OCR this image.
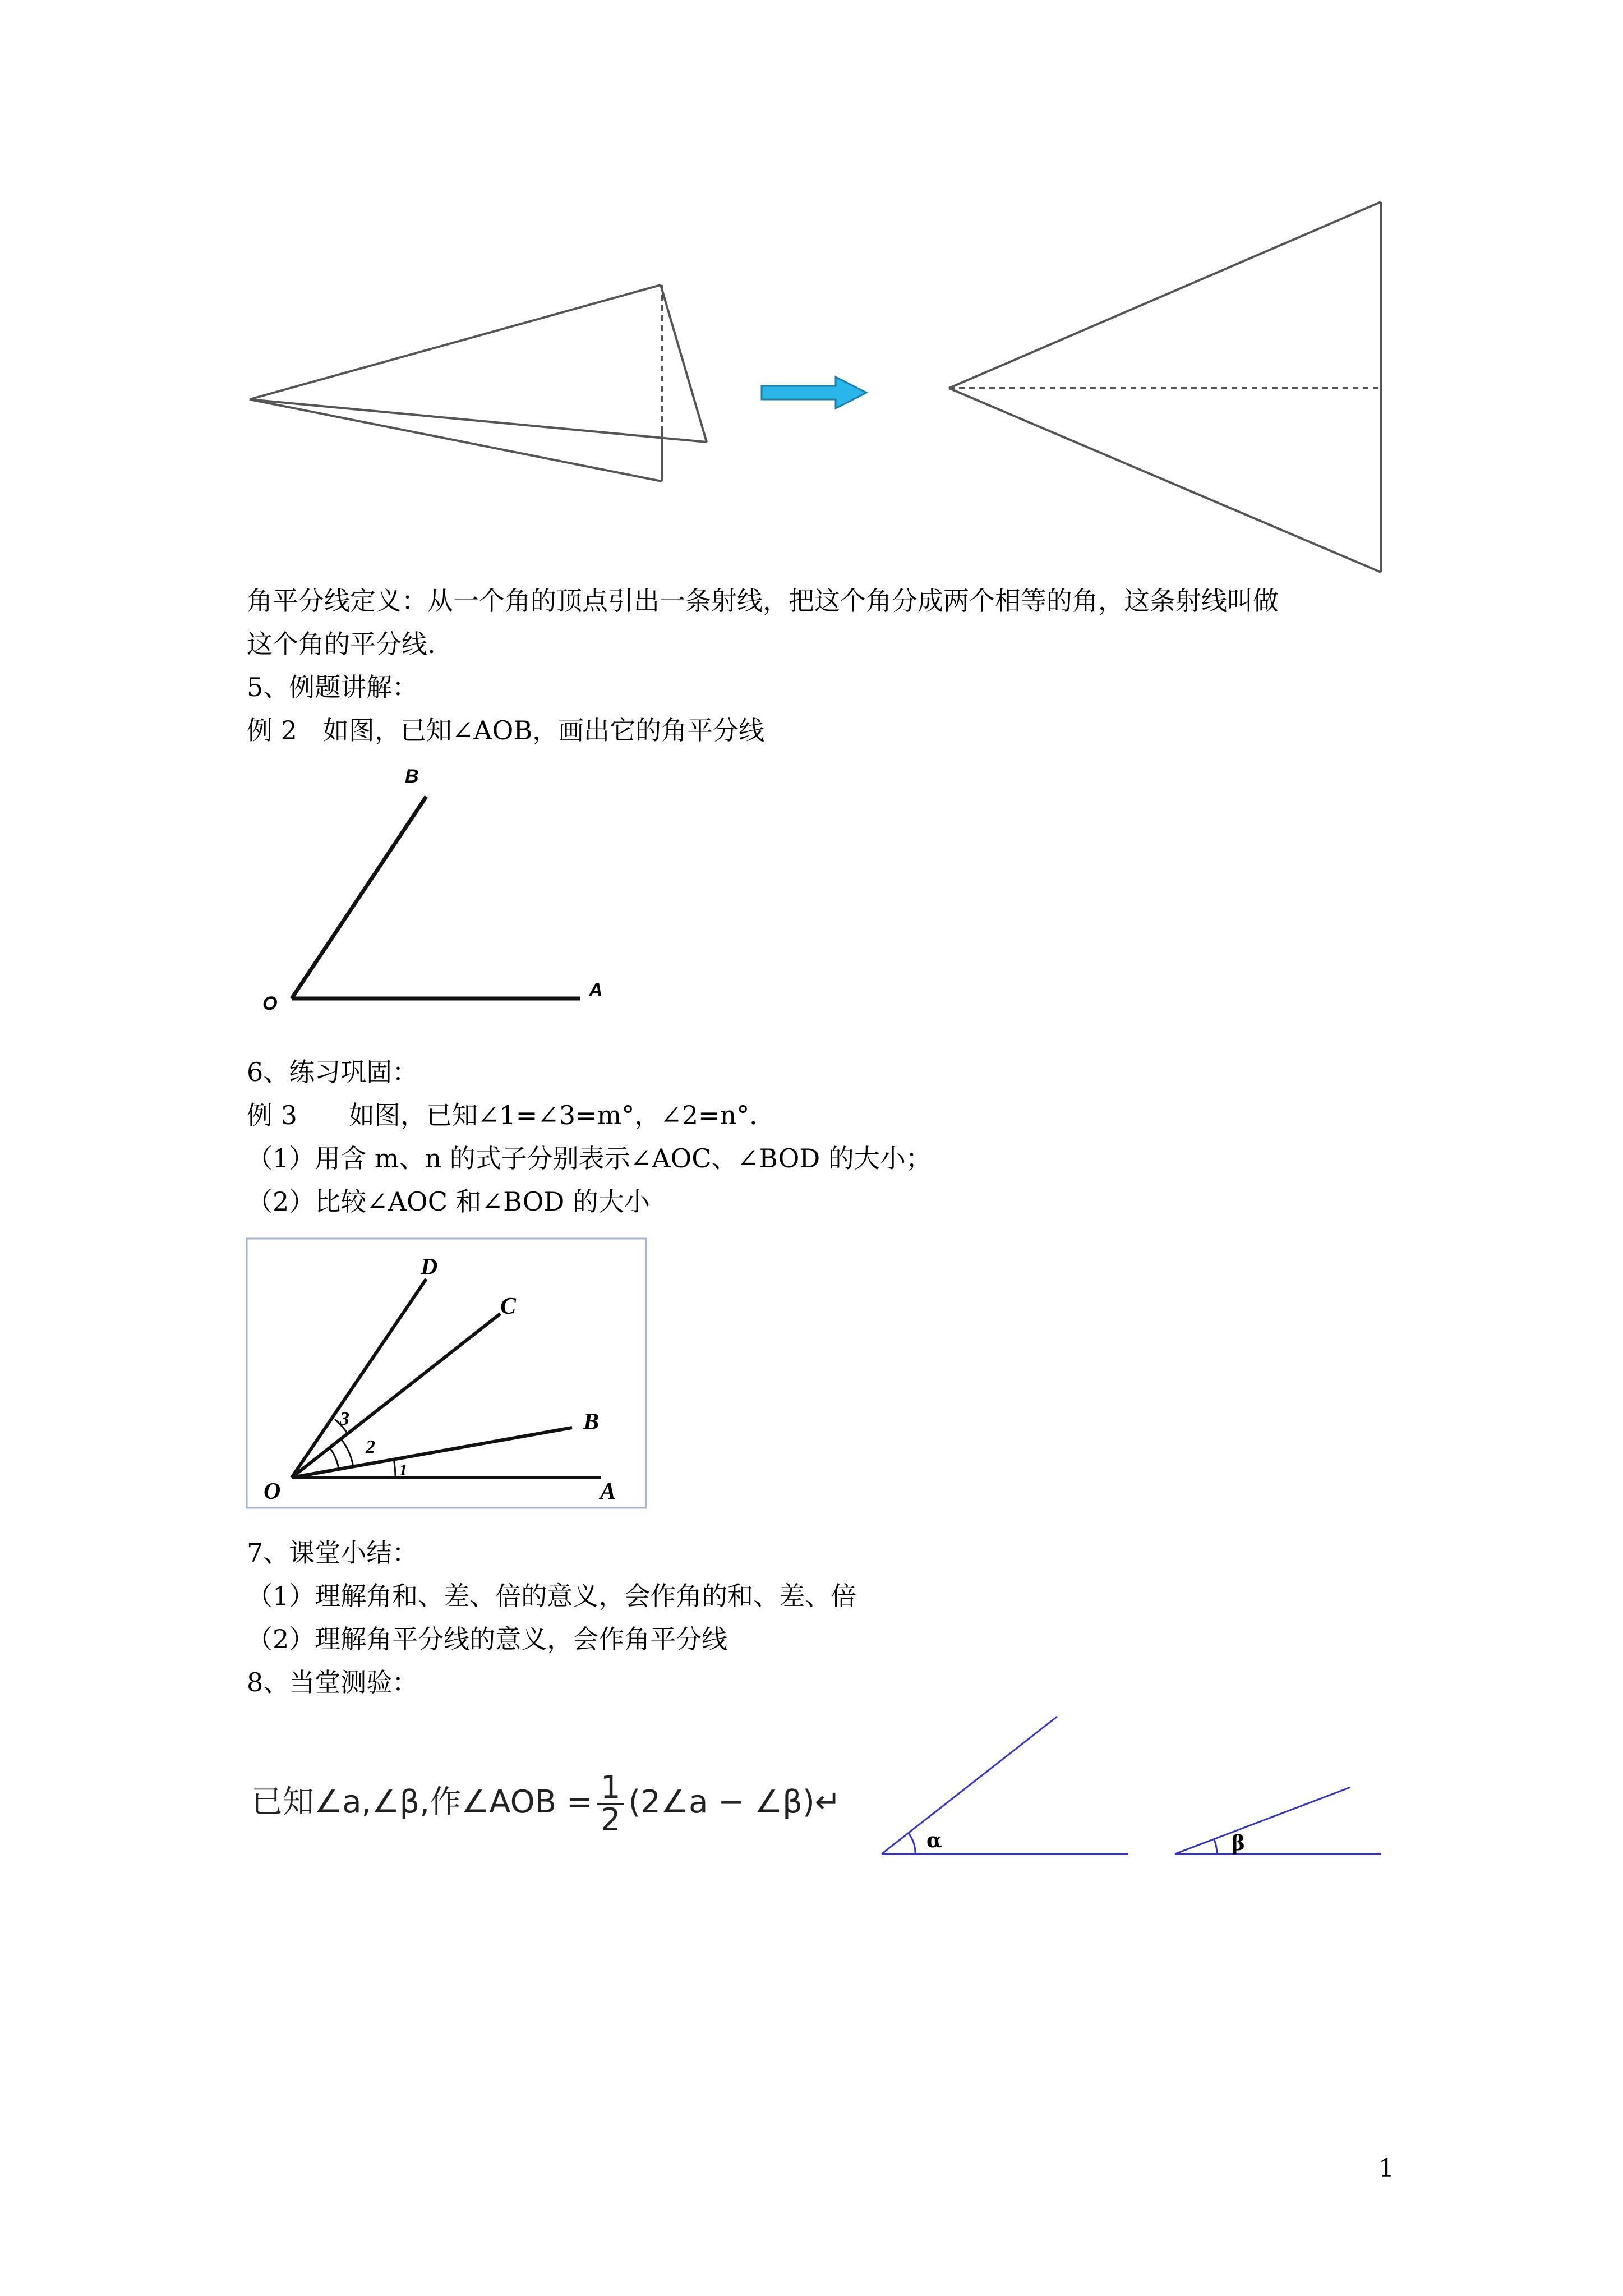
角平分线定义：从一个角的顶点引出一条射线，把这个角分成两个相等的角，这条射线叫做
这个角的平分线.
5、例题讲解：
例 2　如图，已知∠AOB，画出它的角平分线
B
O
A
6、练习巩固：
例 3　　如图，已知∠1=∠3=m°，∠2=n°．
（1）用含 m、n 的式子分别表示∠AOC、∠BOD 的大小；
（2）比较∠AOC 和∠BOD 的大小
D
C
B
A
O
3
2
1
7、课堂小结：
（1）理解角和、差、倍的意义，会作角的和、差、倍
（2）理解角平分线的意义，会作角平分线
8、当堂测验：
已知∠a,∠β,作∠AOB = $\frac{1}{2}$ (2∠a − ∠β)↵
α	β
1
